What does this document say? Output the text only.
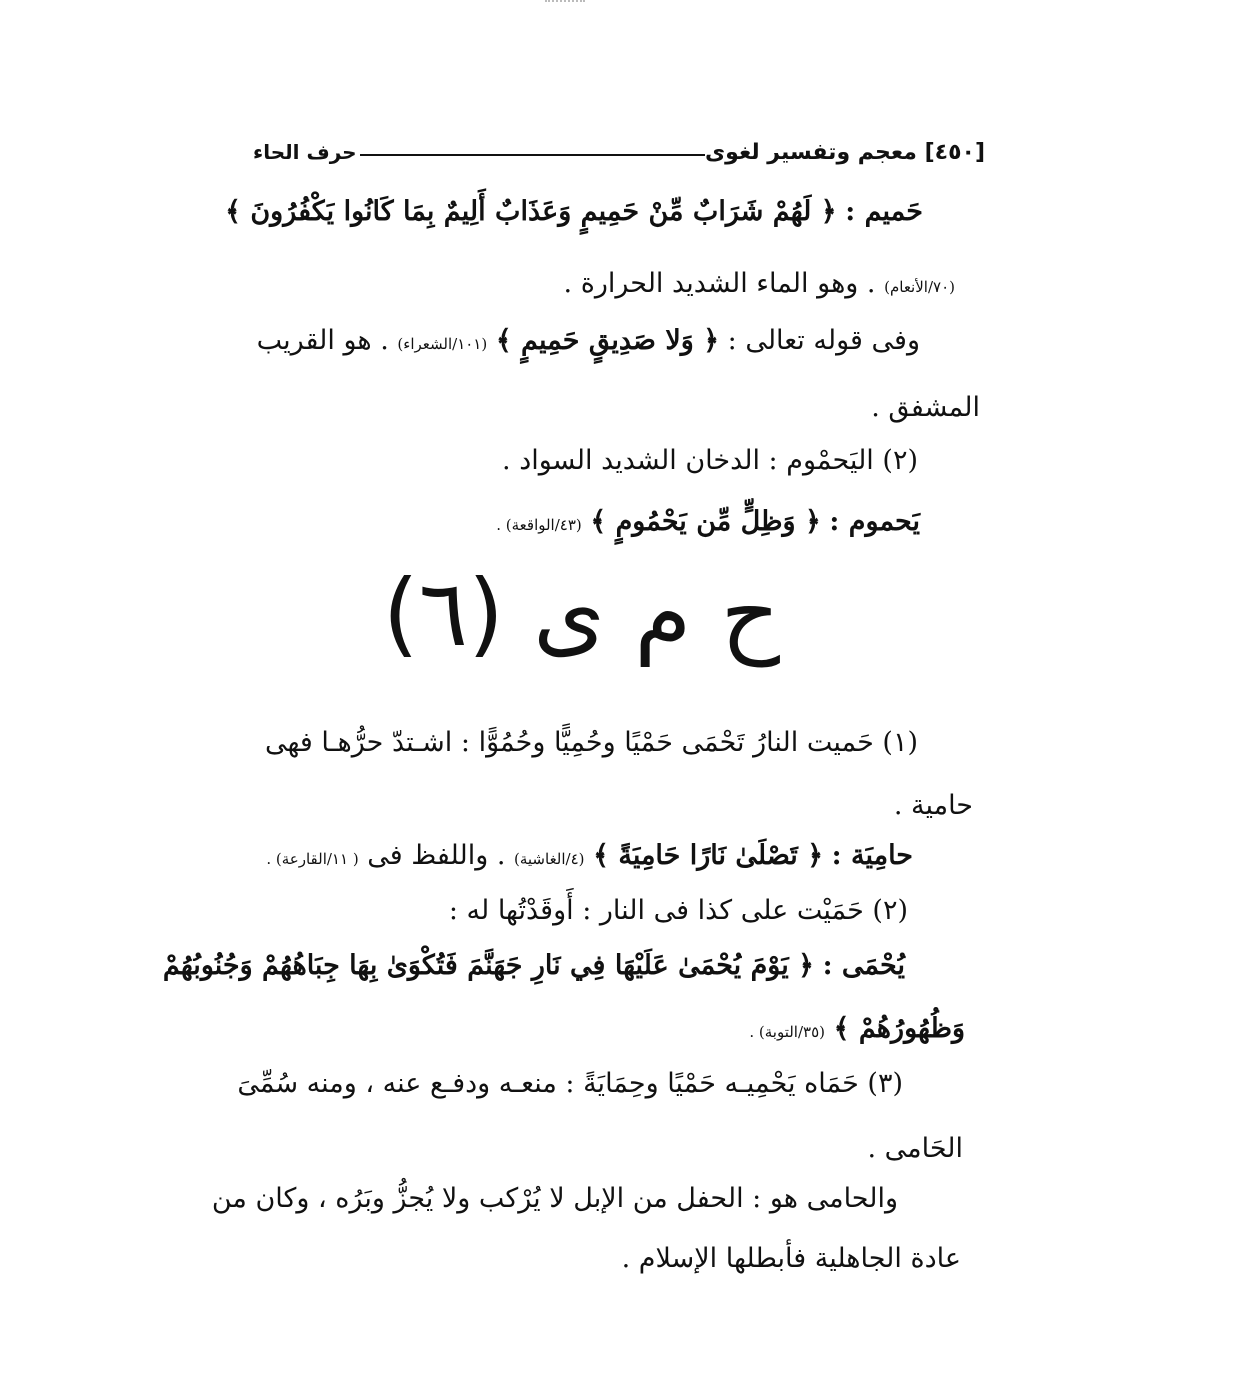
[٤٥٠] معجم وتفسير لغوى
حرف الحاء
حَميم : ﴿ لَهُمْ شَرَابٌ مِّنْ حَمِيمٍ وَعَذَابٌ أَلِيمٌ بِمَا كَانُوا يَكْفُرُونَ ﴾
(٧٠/الأنعام) . وهو الماء الشديد الحرارة .
وفى قوله تعالى : ﴿ وَلا صَدِيقٍ حَمِيمٍ ﴾ (١٠١/الشعراء) . هو القريب
المشفق .
(٢) اليَحمْوم : الدخان الشديد السواد .
يَحموم : ﴿ وَظِلٍّ مِّن يَحْمُومٍ ﴾ (٤٣/الواقعة) .
ح م ى (٦)
(١) حَميت النارُ تَحْمَى حَمْيًا وحُمِيًّا وحُمُوًّا : اشـتدّ حرُّهـا فهى
حامية .
حامِيَة : ﴿ تَصْلَىٰ نَارًا حَامِيَةً ﴾ (٤/الغاشية) . واللفظ فى ( ١١/القارعة) .
(٢) حَمَيْت على كذا فى النار : أَوقَدْتُها له :
يُحْمَى : ﴿ يَوْمَ يُحْمَىٰ عَلَيْهَا فِي نَارِ جَهَنَّمَ فَتُكْوَىٰ بِهَا جِبَاهُهُمْ وَجُنُوبُهُمْ
وَظُهُورُهُمْ ﴾ (٣٥/التوبة) .
(٣) حَمَاه يَحْمِيـه حَمْيًا وحِمَايَةً : منعـه ودفـع عنه ، ومنه سُمِّىَ
الحَامى .
والحامى هو : الحفل من الإبل لا يُرْكب ولا يُجزُّ وبَرُه ، وكان من
عادة الجاهلية فأبطلها الإسلام .
